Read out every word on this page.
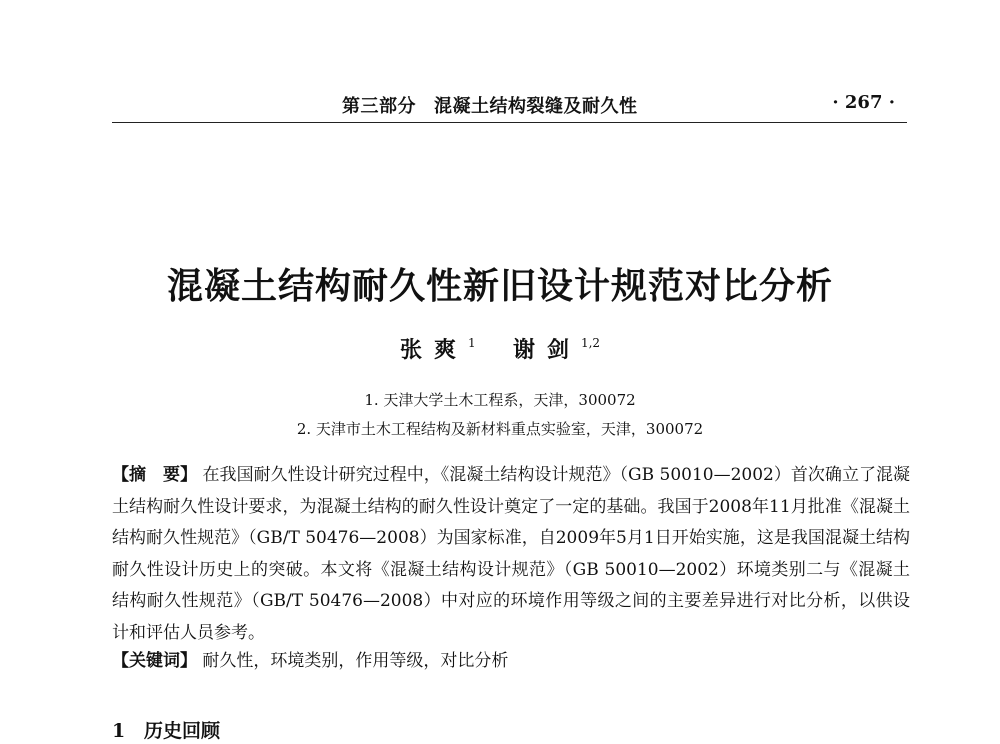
第三部分 混凝土结构裂缝及耐久性	· 267 ·
混凝土结构耐久性新旧设计规范对比分析
张爽$^1$ 谢剑$^{1,2}$
1. 天津大学土木工程系，天津，300072
2. 天津市土木工程结构及新材料重点实验室，天津，300072
【摘　要】 在我国耐久性设计研究过程中，《混凝土结构设计规范》（GB 50010—2002）首次确立了混凝土结构耐久性设计要求，为混凝土结构的耐久性设计奠定了一定的基础。我国于2008年11月批准《混凝土结构耐久性规范》（GB/T 50476—2008）为国家标准，自2009年5月1日开始实施，这是我国混凝土结构耐久性设计历史上的突破。本文将《混凝土结构设计规范》（GB 50010—2002）环境类别二与《混凝土结构耐久性规范》（GB/T 50476—2008）中对应的环境作用等级之间的主要差异进行对比分析，以供设计和评估人员参考。
【关键词】 耐久性，环境类别，作用等级，对比分析
1 历史回顾
